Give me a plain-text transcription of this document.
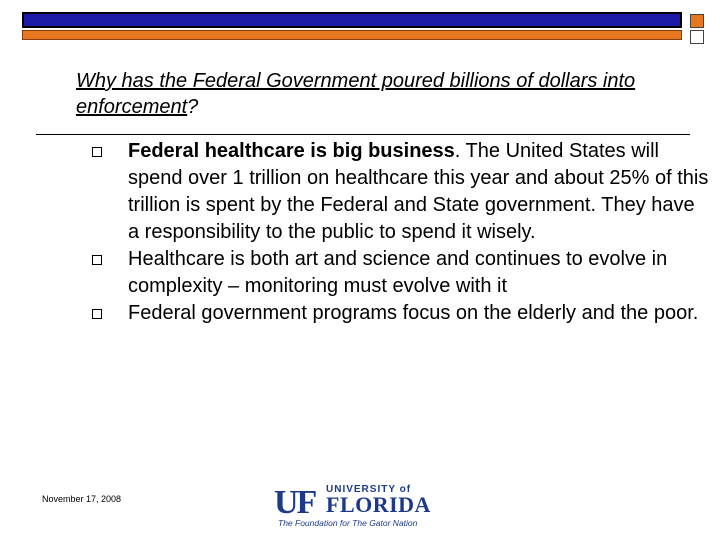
Why has the Federal Government poured billions of dollars into enforcement?
Federal healthcare is big business. The United States will spend over 1 trillion on healthcare this year and about 25% of this trillion is spent by the Federal and State government. They have a responsibility to the public to spend it wisely.
Healthcare is both art and science and continues to evolve in complexity – monitoring must evolve with it
Federal government programs focus on the elderly and the poor.
November 17, 2008	UF UNIVERSITY of
FLORIDA
The Foundation for The Gator Nation
